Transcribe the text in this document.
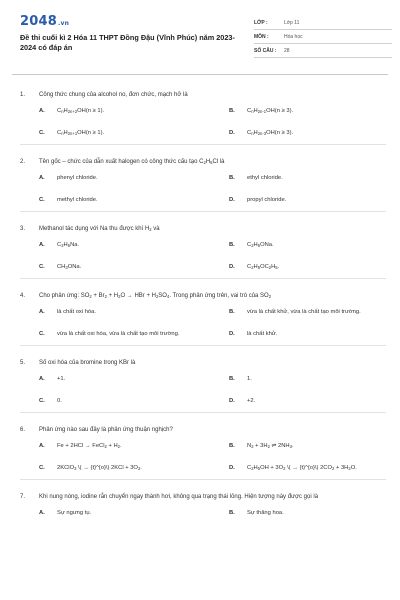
2048.vn
Đề thi cuối kì 2 Hóa 11 THPT Đồng Đậu (Vĩnh Phúc) năm 2023-2024 có đáp án
LỚP :	Lớp 11
MÔN :	Hóa học
SỐ CÂU :	28
1.	Công thức chung của alcohol no, đơn chức, mạch hở là
A.	$C_nH_{2n+2}OH(n \ge 1)$.	B.	$C_nH_{2n-1}OH(n \ge 3)$.
C.	$C_nH_{2n+1}OH(n \ge 1)$.	D.	$C_nH_{2n-3}OH(n \ge 3)$.
2.	Tên gốc – chức của dẫn xuất halogen có công thức cấu tạo $C_2H_5Cl$ là
A.	phenyl chloride.	B.	ethyl chloride.
C.	methyl chloride.	D.	propyl chloride.
3.	Methanol tác dụng với Na thu được khí $H_2$ và
A.	$C_2H_5Na$.	B.	$C_2H_5ONa$.
C.	$CH_3ONa$.	D.	$C_2H_5OC_2H_5$.
4.	Cho phản ứng: $SO_2 + Br_2 + H_2O$ → HBr + $H_2SO_4$. Trong phản ứng trên, vai trò của $SO_2$
A.	là chất oxi hóa.	B.	vừa là chất khử, vừa là chất tạo môi trường.
C.	vừa là chất oxi hóa, vừa là chất tạo môi trường.	D.	là chất khử.
5.	Số oxi hóa của bromine trong KBr là
A.	+1.	B.	1.
C.	0.	D.	+2.
6.	Phản ứng nào sau đây là phản ứng thuận nghịch?
A.	Fe + 2HCl → FeCl$_2$ + $H_2$.	B.	$N_2 + 3H_2$ ⇌ $2NH_3$.
C.	2KClO$_3$ \( → {t}^{o}\) $2KCl + 3O_2$.	D.	$C_2H_5OH + 3O_2$ \( → {t}^{o}\) $2CO_2 + 3H_2O$.
7.	Khi nung nóng, iodine rắn chuyển ngay thành hơi, không qua trạng thái lỏng. Hiện tượng này được gọi là
A.	Sự ngưng tụ.	B.	Sự thăng hoa.
